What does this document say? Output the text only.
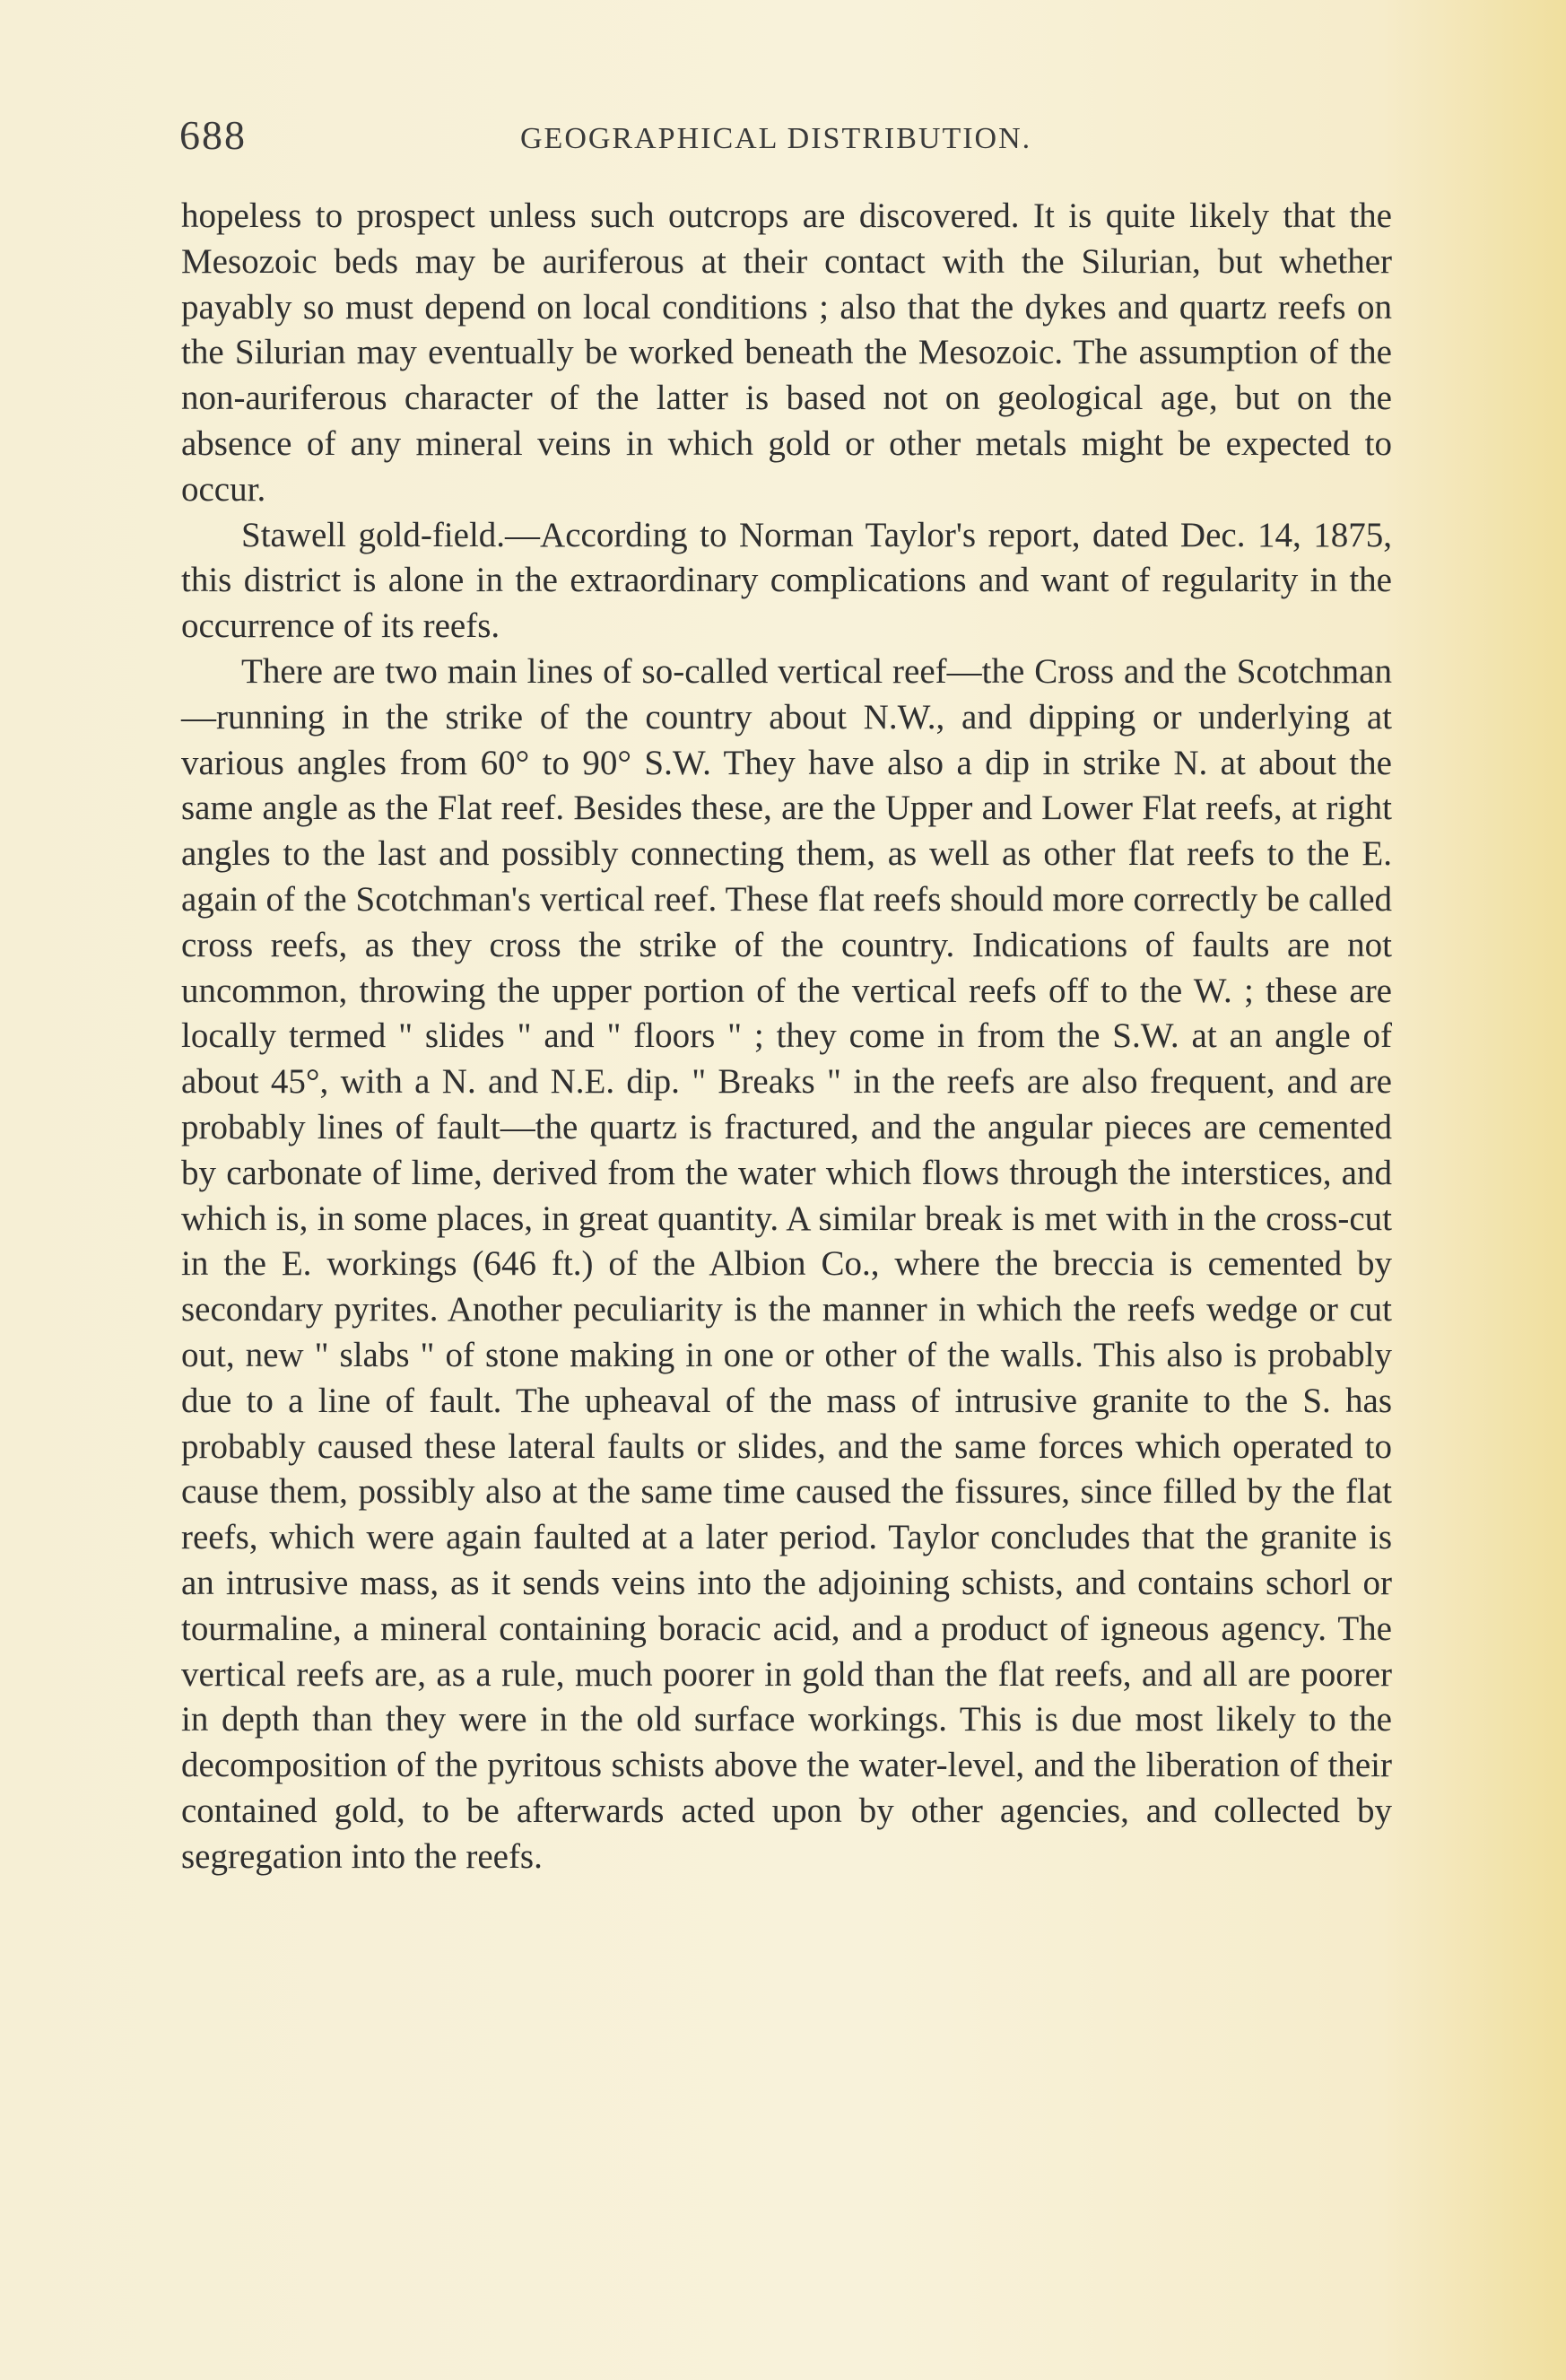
688	GEOGRAPHICAL DISTRIBUTION.

hopeless to prospect unless such outcrops are discovered. It is quite likely that the Mesozoic beds may be auriferous at their contact with the Silurian, but whether payably so must depend on local conditions ; also that the dykes and quartz reefs on the Silurian may eventually be worked beneath the Mesozoic. The assumption of the non-auriferous character of the latter is based not on geological age, but on the absence of any mineral veins in which gold or other metals might be expected to occur.

Stawell gold-field.—According to Norman Taylor's report, dated Dec. 14, 1875, this district is alone in the extraordinary complications and want of regularity in the occurrence of its reefs.

There are two main lines of so-called vertical reef—the Cross and the Scotchman—running in the strike of the country about N.W., and dipping or underlying at various angles from 60° to 90° S.W. They have also a dip in strike N. at about the same angle as the Flat reef. Besides these, are the Upper and Lower Flat reefs, at right angles to the last and possibly connecting them, as well as other flat reefs to the E. again of the Scotchman's vertical reef. These flat reefs should more correctly be called cross reefs, as they cross the strike of the country. Indications of faults are not uncommon, throwing the upper portion of the vertical reefs off to the W. ; these are locally termed " slides " and " floors " ; they come in from the S.W. at an angle of about 45°, with a N. and N.E. dip. " Breaks " in the reefs are also frequent, and are probably lines of fault—the quartz is fractured, and the angular pieces are cemented by carbonate of lime, derived from the water which flows through the interstices, and which is, in some places, in great quantity. A similar break is met with in the cross-cut in the E. workings (646 ft.) of the Albion Co., where the breccia is cemented by secondary pyrites. Another peculiarity is the manner in which the reefs wedge or cut out, new " slabs " of stone making in one or other of the walls. This also is probably due to a line of fault. The upheaval of the mass of intrusive granite to the S. has probably caused these lateral faults or slides, and the same forces which operated to cause them, possibly also at the same time caused the fissures, since filled by the flat reefs, which were again faulted at a later period. Taylor concludes that the granite is an intrusive mass, as it sends veins into the adjoining schists, and contains schorl or tourmaline, a mineral containing boracic acid, and a product of igneous agency. The vertical reefs are, as a rule, much poorer in gold than the flat reefs, and all are poorer in depth than they were in the old surface workings. This is due most likely to the decomposition of the pyritous schists above the water-level, and the liberation of their contained gold, to be afterwards acted upon by other agencies, and collected by segregation into the reefs.
